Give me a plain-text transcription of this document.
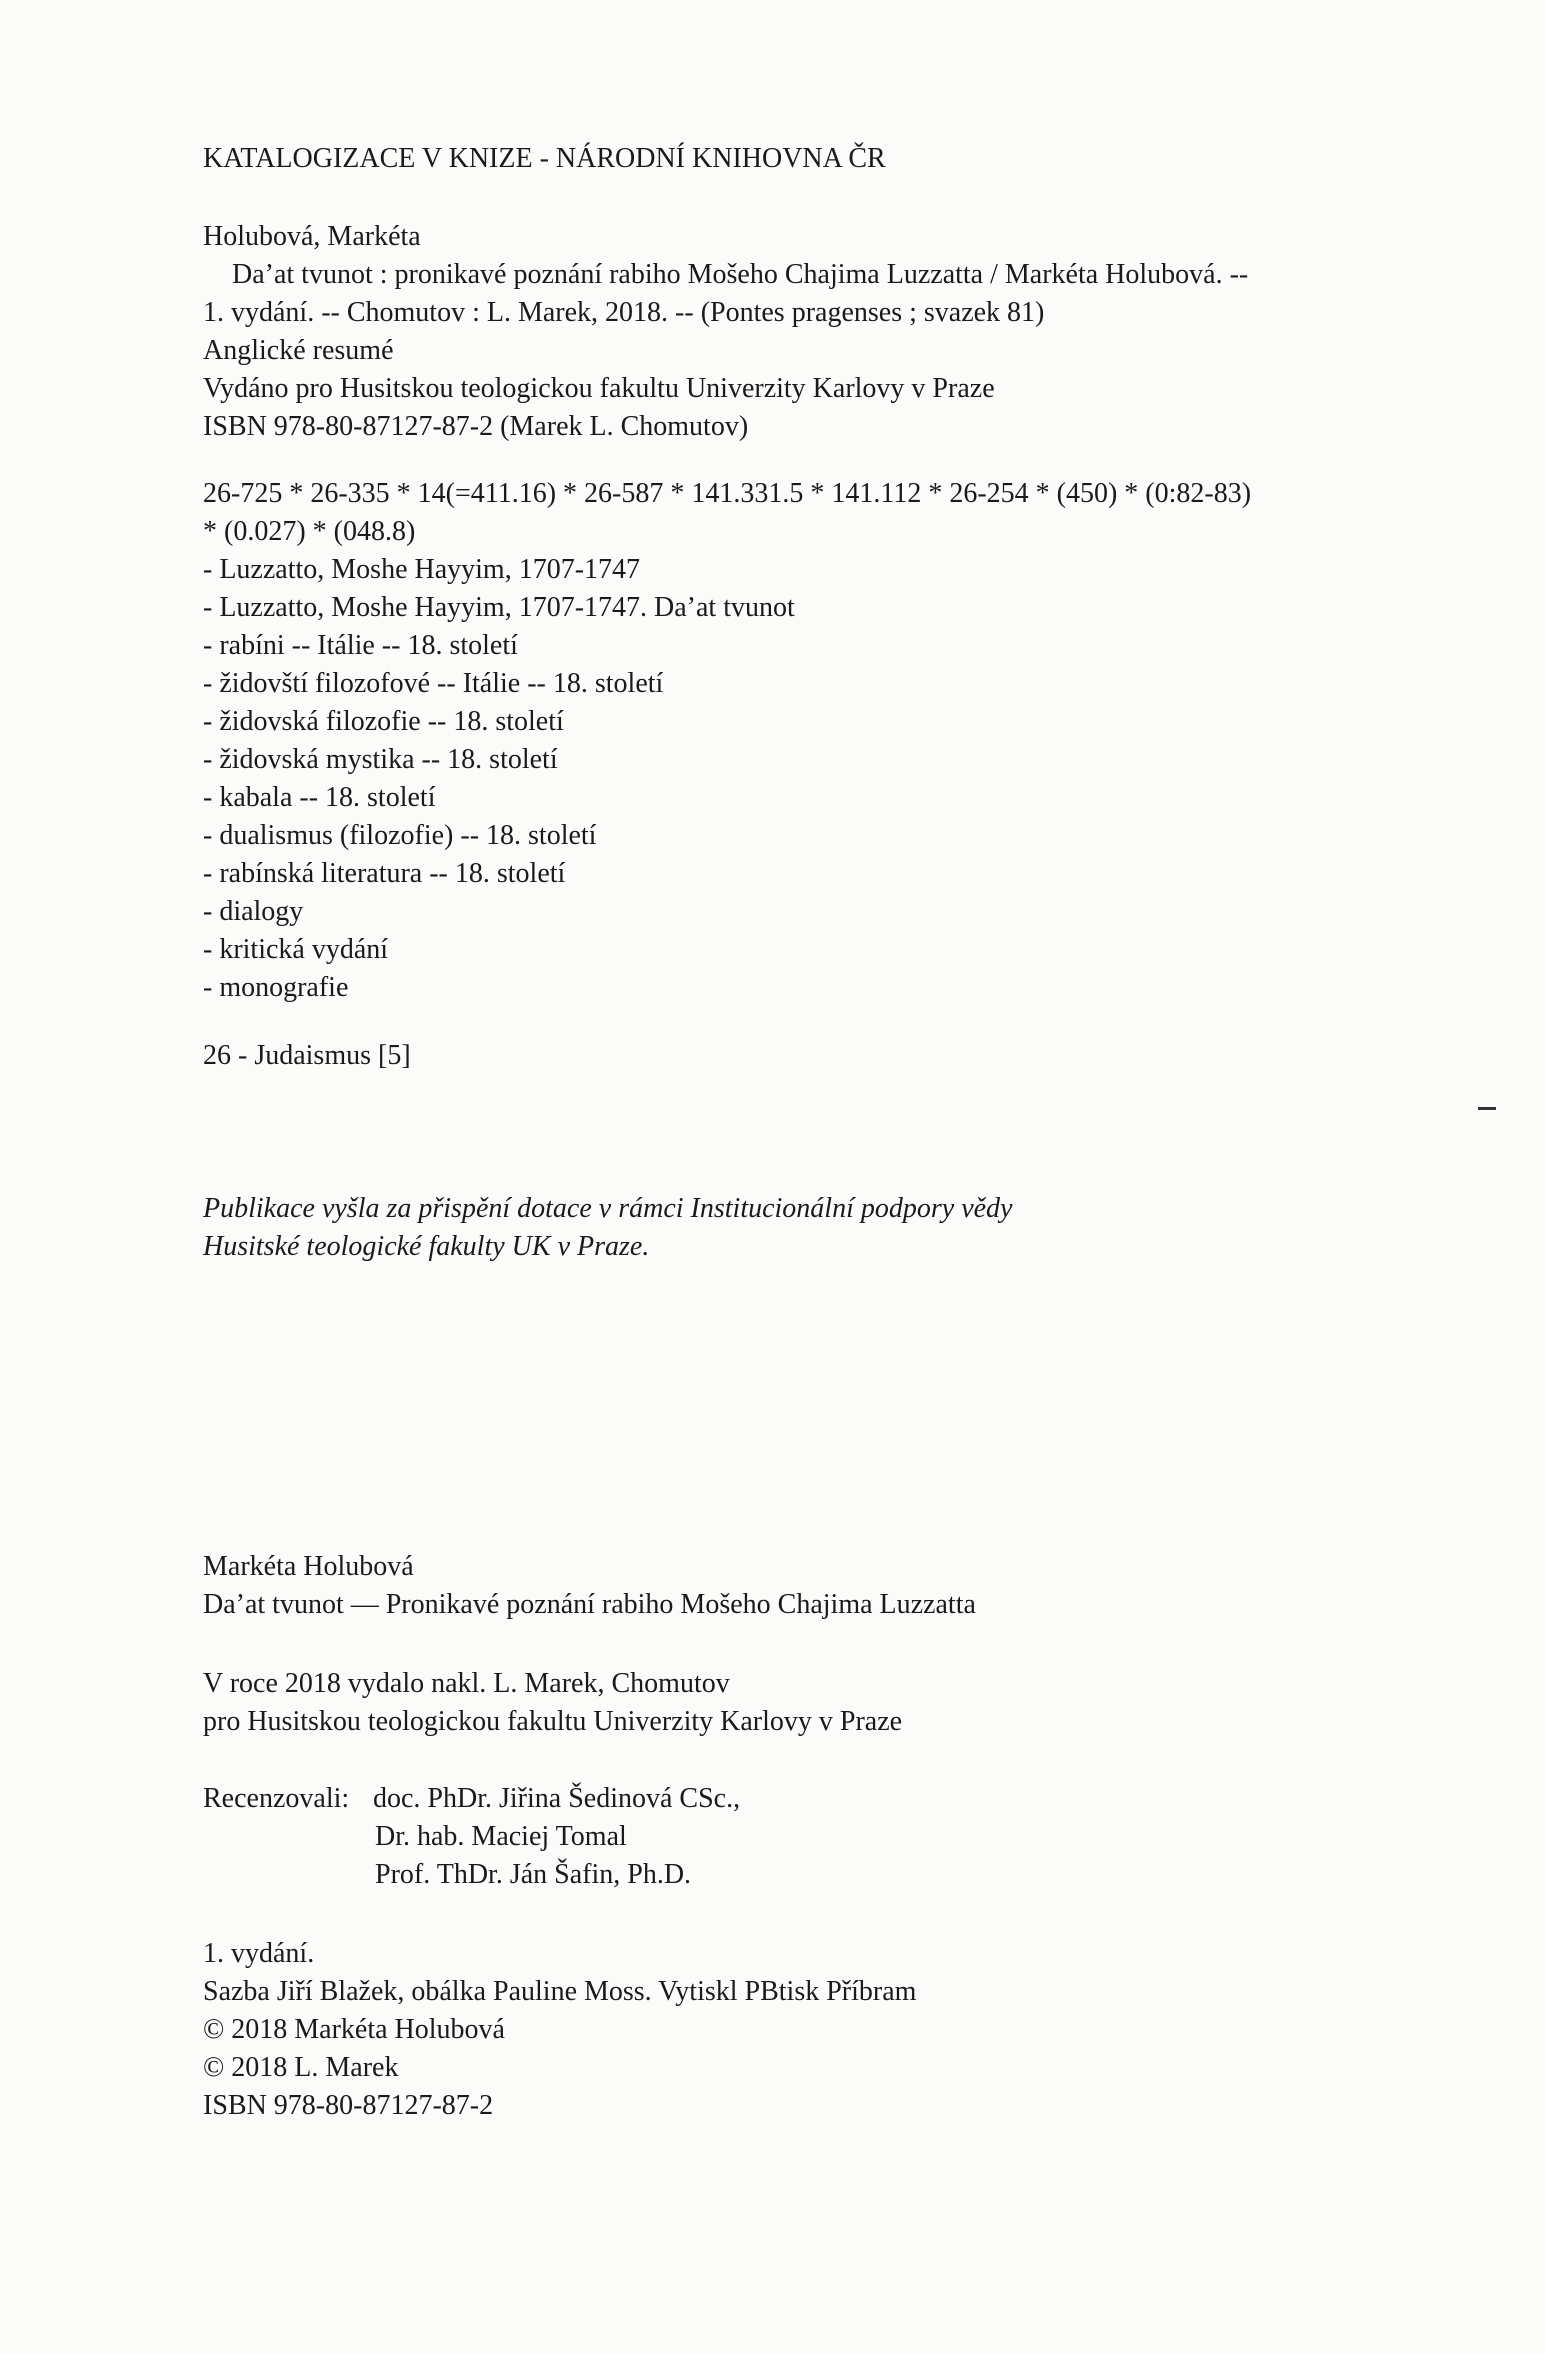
KATALOGIZACE V KNIZE - NÁRODNÍ KNIHOVNA ČR
Holubová, Markéta
Da’at tvunot : pronikavé poznání rabiho Mošeho Chajima Luzzatta / Markéta Holubová. --
1. vydání. -- Chomutov : L. Marek, 2018. -- (Pontes pragenses ; svazek 81)
Anglické resumé
Vydáno pro Husitskou teologickou fakultu Univerzity Karlovy v Praze
ISBN 978-80-87127-87-2 (Marek L. Chomutov)
26-725 * 26-335 * 14(=411.16) * 26-587 * 141.331.5 * 141.112 * 26-254 * (450) * (0:82-83)
* (0.027) * (048.8)
- Luzzatto, Moshe Hayyim, 1707-1747
- Luzzatto, Moshe Hayyim, 1707-1747. Da’at tvunot
- rabíni -- Itálie -- 18. století
- židovští filozofové -- Itálie -- 18. století
- židovská filozofie -- 18. století
- židovská mystika -- 18. století
- kabala -- 18. století
- dualismus (filozofie) -- 18. století
- rabínská literatura -- 18. století
- dialogy
- kritická vydání
- monografie
26 - Judaismus [5]
Publikace vyšla za přispění dotace v rámci Institucionální podpory vědy
Husitské teologické fakulty UK v Praze.
Markéta Holubová
Da’at tvunot — Pronikavé poznání rabiho Mošeho Chajima Luzzatta
V roce 2018 vydalo nakl. L. Marek, Chomutov
pro Husitskou teologickou fakultu Univerzity Karlovy v Praze
Recenzovali: doc. PhDr. Jiřina Šedinová CSc.,
Dr. hab. Maciej Tomal
Prof. ThDr. Ján Šafin, Ph.D.
1. vydání.
Sazba Jiří Blažek, obálka Pauline Moss. Vytiskl PBtisk Příbram
© 2018 Markéta Holubová
© 2018 L. Marek
ISBN 978-80-87127-87-2
